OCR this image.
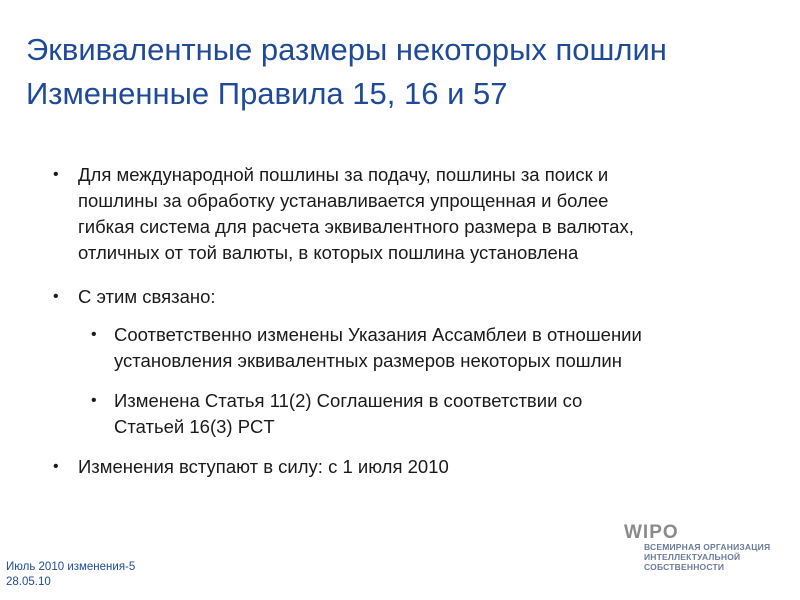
Эквивалентные размеры некоторых пошлин
Измененные Правила 15, 16 и 57
• Для международной пошлины за подачу, пошлины за поиск и
пошлины за обработку устанавливается упрощенная и более
гибкая система для расчета эквивалентного размера в валютах,
отличных от той валюты, в которых пошлина установлена
• С этим связано:
• Соответственно изменены Указания Ассамблеи в отношении
установления эквивалентных размеров некоторых пошлин
• Изменена Статья 11(2) Соглашения в соответствии со
Статьей 16(3) PCT
• Изменения вступают в силу: с 1 июля 2010
Июль 2010 изменения-5
28.05.10
WIPO
ВСЕМИРНАЯ ОРГАНИЗАЦИЯ
ИНТЕЛЛЕКТУАЛЬНОЙ
СОБСТВЕННОСТИ
